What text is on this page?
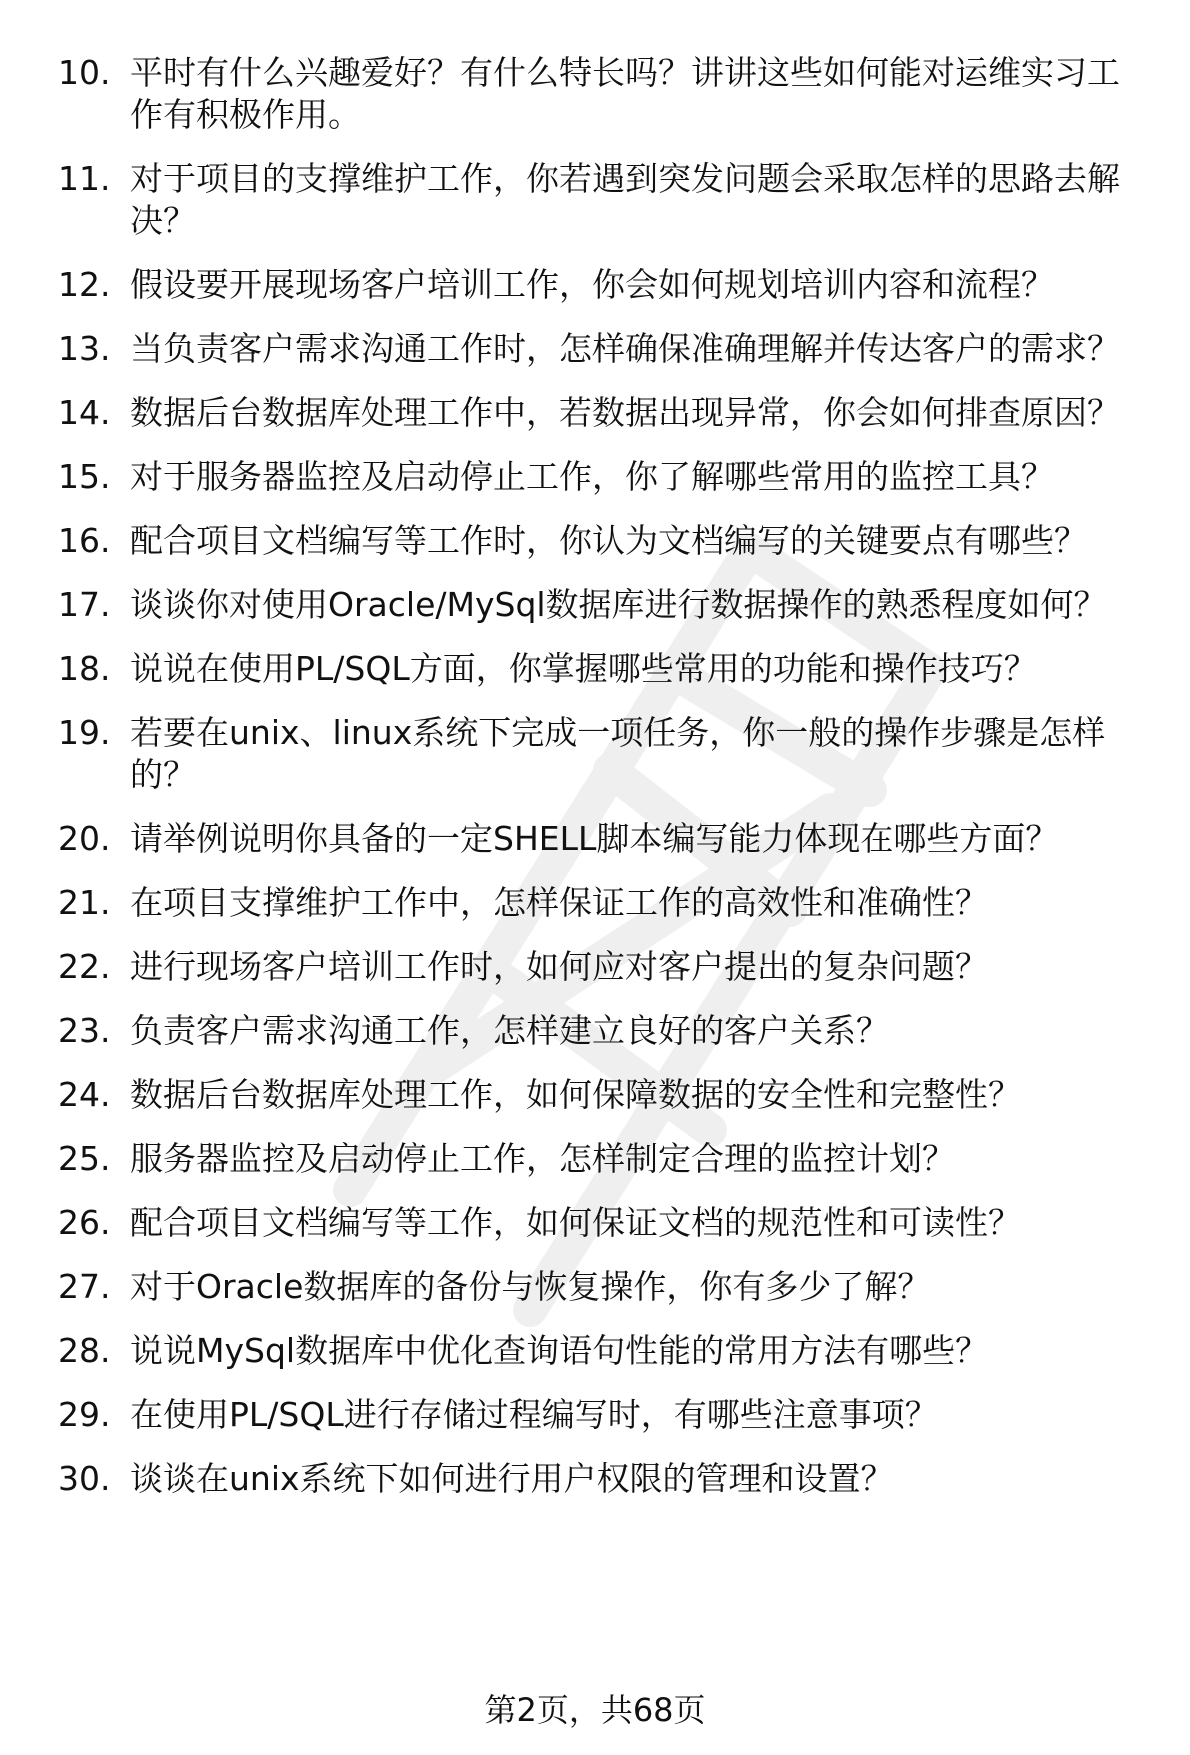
10. 平时有什么兴趣爱好？有什么特长吗？讲讲这些如何能对运维实习工作有积极作用。
11. 对于项目的支撑维护工作，你若遇到突发问题会采取怎样的思路去解决？
12. 假设要开展现场客户培训工作，你会如何规划培训内容和流程？
13. 当负责客户需求沟通工作时，怎样确保准确理解并传达客户的需求？
14. 数据后台数据库处理工作中，若数据出现异常，你会如何排查原因？
15. 对于服务器监控及启动停止工作，你了解哪些常用的监控工具？
16. 配合项目文档编写等工作时，你认为文档编写的关键要点有哪些？
17. 谈谈你对使用Oracle/MySql数据库进行数据操作的熟悉程度如何？
18. 说说在使用PL/SQL方面，你掌握哪些常用的功能和操作技巧？
19. 若要在unix、linux系统下完成一项任务，你一般的操作步骤是怎样的？
20. 请举例说明你具备的一定SHELL脚本编写能力体现在哪些方面？
21. 在项目支撑维护工作中，怎样保证工作的高效性和准确性？
22. 进行现场客户培训工作时，如何应对客户提出的复杂问题？
23. 负责客户需求沟通工作，怎样建立良好的客户关系？
24. 数据后台数据库处理工作，如何保障数据的安全性和完整性？
25. 服务器监控及启动停止工作，怎样制定合理的监控计划？
26. 配合项目文档编写等工作，如何保证文档的规范性和可读性？
27. 对于Oracle数据库的备份与恢复操作，你有多少了解？
28. 说说MySql数据库中优化查询语句性能的常用方法有哪些？
29. 在使用PL/SQL进行存储过程编写时，有哪些注意事项？
30. 谈谈在unix系统下如何进行用户权限的管理和设置？
第2页，共68页
